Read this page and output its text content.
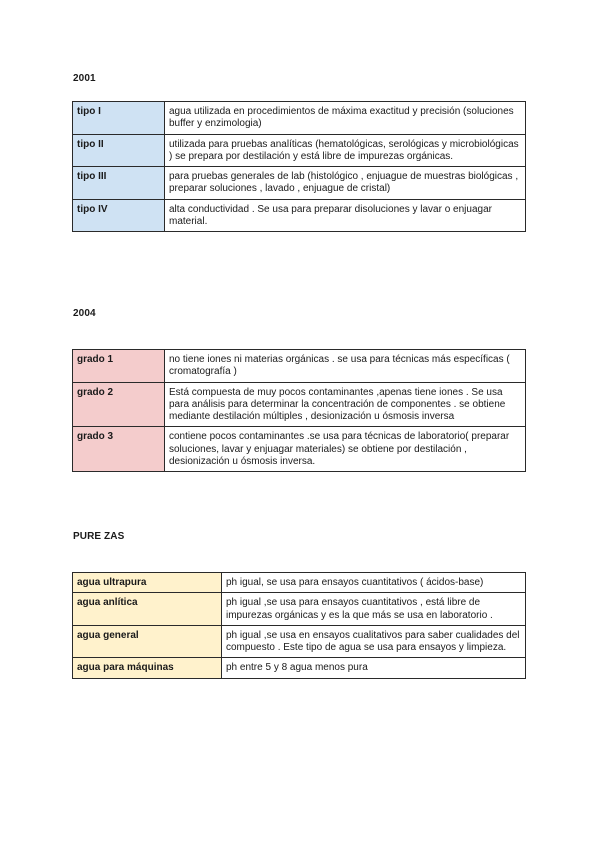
2001
tipo I	agua utilizada en procedimientos de máxima exactitud y precisión (soluciones buffer y enzimologia)
tipo II	utilizada para pruebas analíticas (hematológicas, serológicas y microbiológicas ) se prepara por destilación y está libre de impurezas orgánicas.
tipo III	para pruebas generales de lab (histológico , enjuague de muestras biológicas , preparar soluciones , lavado , enjuague de cristal)
tipo IV	alta conductividad . Se usa para preparar disoluciones y lavar o enjuagar material.
2004
grado 1	no tiene iones ni materias orgánicas . se usa para técnicas más específicas ( cromatografía )
grado 2	Está compuesta de muy pocos contaminantes ,apenas tiene iones . Se usa para análisis para determinar la concentración de componentes . se obtiene mediante destilación múltiples , desionización u ósmosis inversa
grado 3	contiene pocos contaminantes .se usa para técnicas de laboratorio( preparar soluciones, lavar y enjuagar materiales) se obtiene por destilación , desionización u ósmosis inversa.
PURE ZAS
agua ultrapura	ph igual, se usa para ensayos cuantitativos ( ácidos-base)
agua anlítica	ph igual ,se usa para ensayos cuantitativos , está libre de impurezas orgánicas y es la que más se usa en laboratorio .
agua general	ph igual ,se usa en ensayos cualitativos para saber cualidades del compuesto . Este tipo de agua se usa para ensayos y limpieza.
agua para máquinas	ph entre 5 y 8 agua menos pura
